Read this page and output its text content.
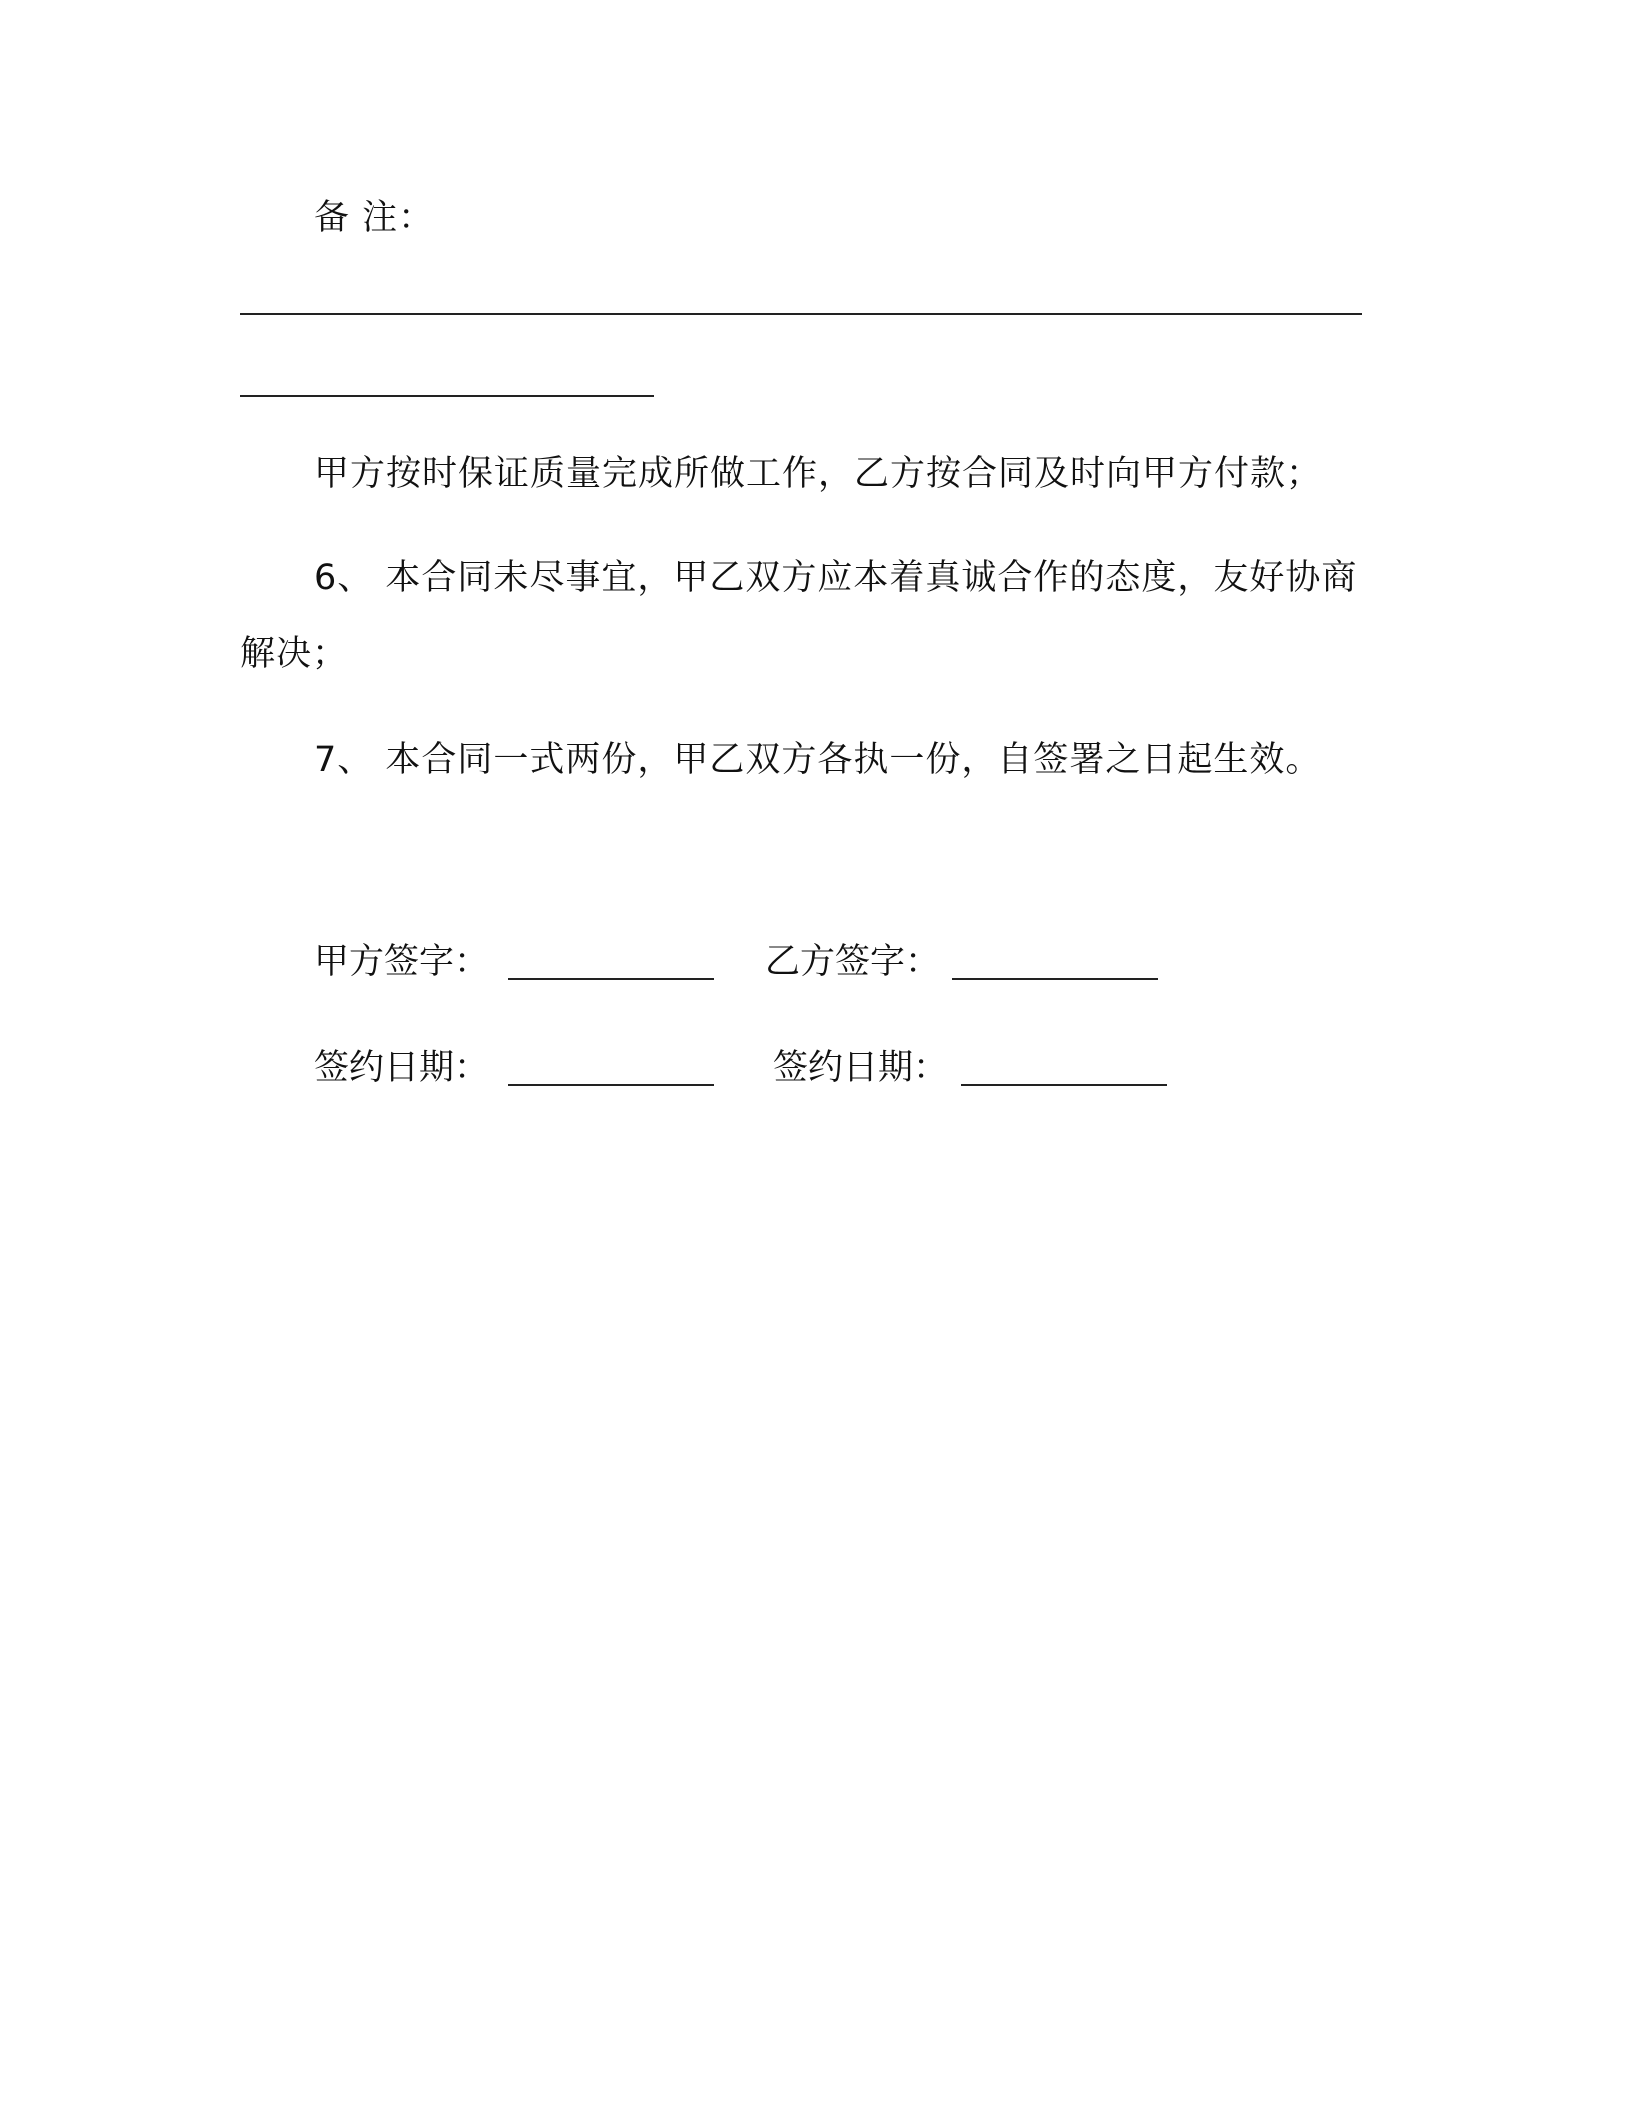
备 注：
甲方按时保证质量完成所做工作，乙方按合同及时向甲方付款；
6、 本合同未尽事宜，甲乙双方应本着真诚合作的态度，友好协商
解决；
7、 本合同一式两份，甲乙双方各执一份，自签署之日起生效。
甲方签字：	乙方签字：
签约日期：	签约日期：
